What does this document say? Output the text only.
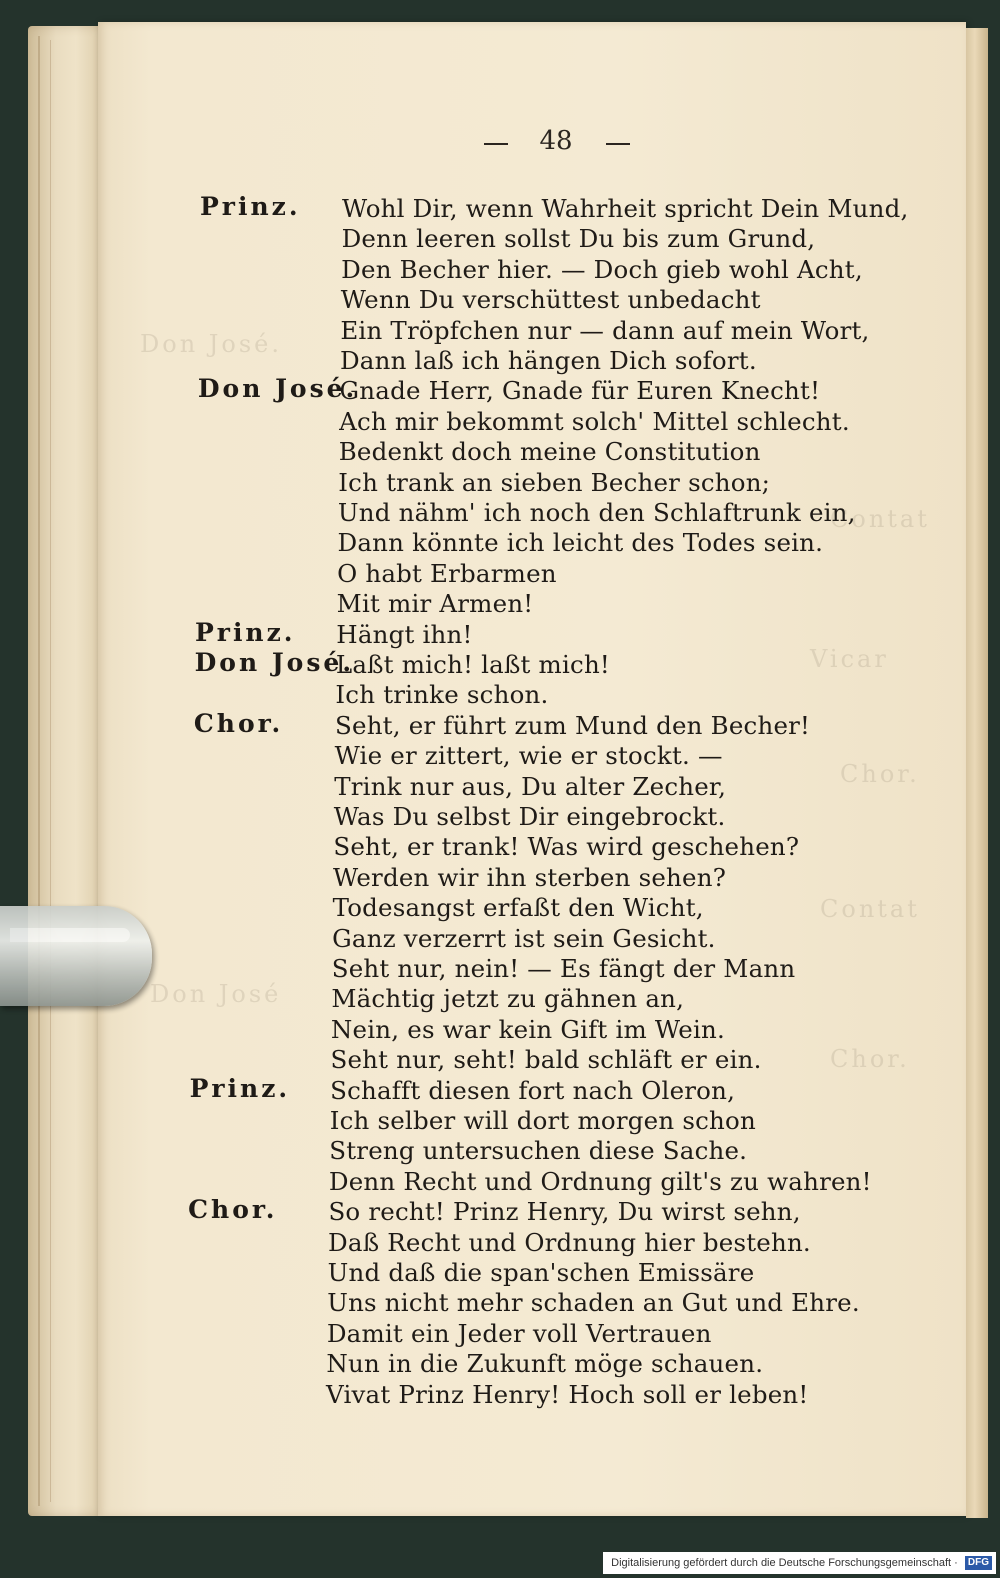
Don José.
Contat
Vicar
Chor.
Contat
Chor.
Don José
48
Prinz. Wohl Dir, wenn Wahrheit spricht Dein Mund,
Denn leeren sollst Du bis zum Grund,
Den Becher hier. — Doch gieb wohl Acht,
Wenn Du verschüttest unbedacht
Ein Tröpfchen nur — dann auf mein Wort,
Dann laß ich hängen Dich sofort.
Don José.
Gnade Herr, Gnade für Euren Knecht!
Ach mir bekommt solch' Mittel schlecht.
Bedenkt doch meine Constitution
Ich trank an sieben Becher schon;
Und nähm' ich noch den Schlaftrunk ein,
Dann könnte ich leicht des Todes sein.
O habt Erbarmen
Mit mir Armen!
Prinz. Hängt ihn!
Don José.
Laßt mich! laßt mich!
Ich trinke schon.
Chor. Seht, er führt zum Mund den Becher!
Wie er zittert, wie er stockt. —
Trink nur aus, Du alter Zecher,
Was Du selbst Dir eingebrockt.
Seht, er trank! Was wird geschehen?
Werden wir ihn sterben sehen?
Todesangst erfaßt den Wicht,
Ganz verzerrt ist sein Gesicht.
Seht nur, nein! — Es fängt der Mann
Mächtig jetzt zu gähnen an,
Nein, es war kein Gift im Wein.
Seht nur, seht! bald schläft er ein.
Prinz. Schafft diesen fort nach Oleron,
Ich selber will dort morgen schon
Streng untersuchen diese Sache.
Denn Recht und Ordnung gilt's zu wahren!
Chor. So recht! Prinz Henry, Du wirst sehn,
Daß Recht und Ordnung hier bestehn.
Und daß die span'schen Emissäre
Uns nicht mehr schaden an Gut und Ehre.
Damit ein Jeder voll Vertrauen
Nun in die Zukunft möge schauen.
Vivat Prinz Henry! Hoch soll er leben!
Digitalisierung gefördert durch die Deutsche Forschungsgemeinschaft · DFG
